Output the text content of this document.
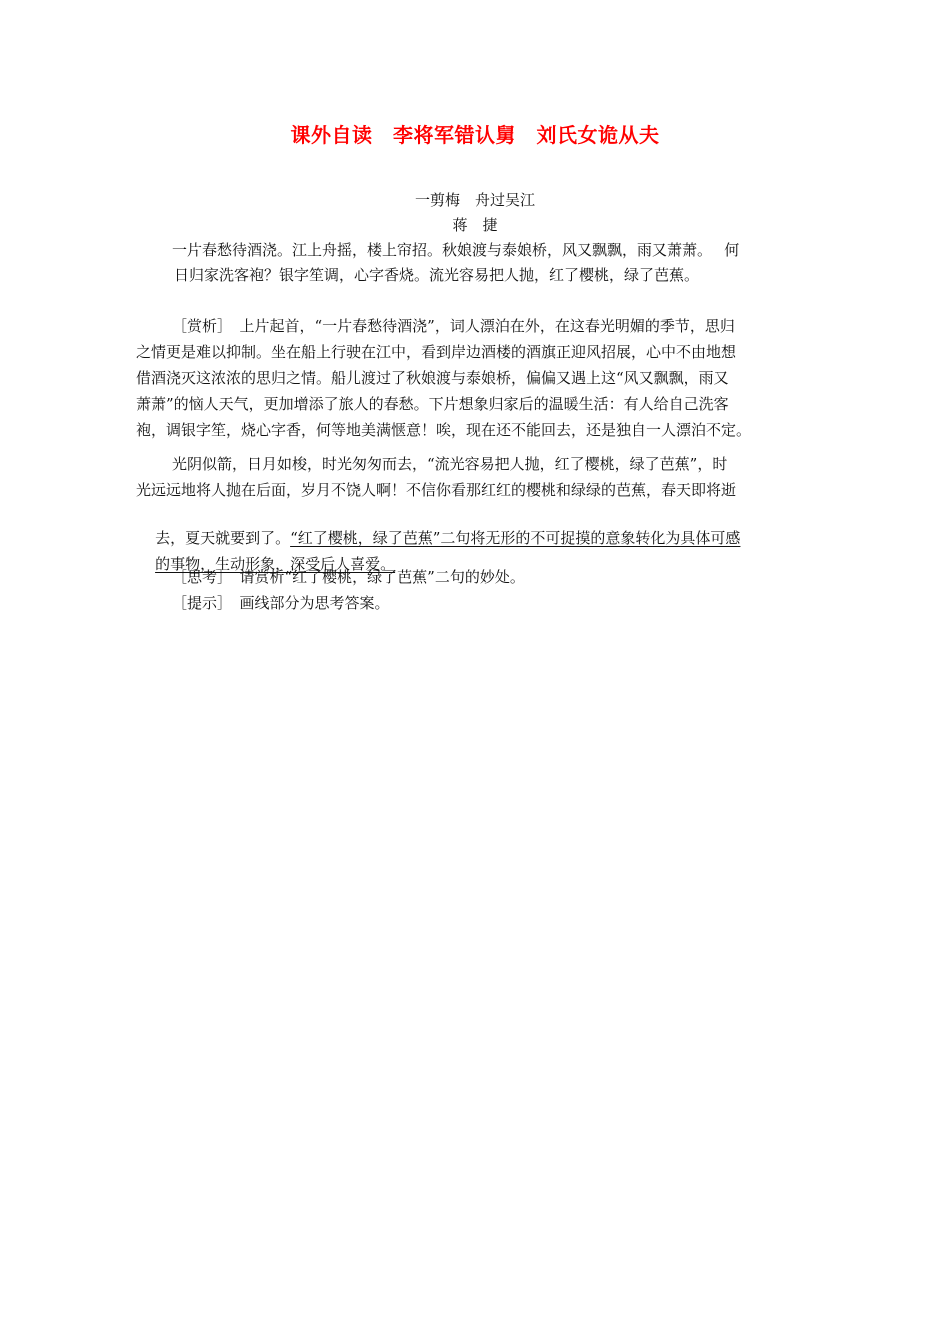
课外自读　李将军错认舅　刘氏女诡从夫
一剪梅　舟过吴江
蒋　捷
一片春愁待酒浇。江上舟摇，楼上帘招。秋娘渡与泰娘桥，风又飘飘，雨又萧萧。　 何
日归家洗客袍？银字笙调，心字香烧。流光容易把人抛，红了樱桃，绿了芭蕉。
［赏析］　上片起首，“一片春愁待酒浇”，词人漂泊在外，在这春光明媚的季节，思归
之情更是难以抑制。坐在船上行驶在江中，看到岸边酒楼的酒旗正迎风招展，心中不由地想
借酒浇灭这浓浓的思归之情。船儿渡过了秋娘渡与泰娘桥，偏偏又遇上这“风又飘飘，雨又
萧萧”的恼人天气，更加增添了旅人的春愁。下片想象归家后的温暖生活：有人给自己洗客
袍，调银字笙，烧心字香，何等地美满惬意！唉，现在还不能回去，还是独自一人漂泊不定。
光阴似箭，日月如梭，时光匆匆而去，“流光容易把人抛，红了樱桃，绿了芭蕉”，时
光远远地将人抛在后面，岁月不饶人啊！不信你看那红红的樱桃和绿绿的芭蕉，春天即将逝

去，夏天就要到了。“红了樱桃，绿了芭蕉”二句将无形的不可捉摸的意象转化为具体可感

的事物，生动形象，深受后人喜爱。

［思考］　请赏析“红了樱桃，绿了芭蕉”二句的妙处。
［提示］　画线部分为思考答案。
